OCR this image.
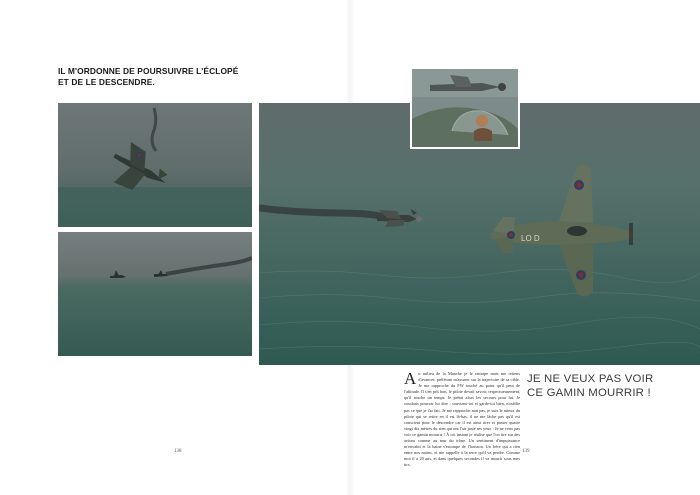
IL M'ORDONNE DE POURSUIVRE L'ÉCLOPÉ
ET DE LE DESCENDRE.
138	139
LO D
Au milieu de la Manche je le rattrape mais me retiens d'avancer, préférant m'assurer sur la trajectoire de sa cible. Je me rapproche du FW touché au point qu'il peut de l'altitude. Il s'en prit bon, le pilote devait savoir, respectueusement, qu'il touche un temps. Je prêtai alors les secours pour lui. Je voudrais pouvoir lui dire : souviens-toi et garde-toi bien, n'oublie pas ce que je t'ai fait. Je me rapproche non pas, je suis le mieux du pilote qui se retire en il est là-bas, il ne me lâche pas qu'il est conscient pour le descendre car il est ainsi tirer et passer quatre vingt dix mètres du sien qui ont l'air juste ses yeux : Je ne veux pas voir ce gamin mourrir ! À cet instant je réalise que l'on tire sur des avions comme au mur du trône. Un sentiment d'impuissance m'envahit et la haine s'estompe de l'horizon. Un frère qui a rien entre nos mains, et me rappelle à la terre qu'il va perdre. Comme moi il a 20 ans, et dans quelques secondes il va mourir sous mes tirs.
JE NE VEUX PAS VOIR
CE GAMIN MOURRIR !
